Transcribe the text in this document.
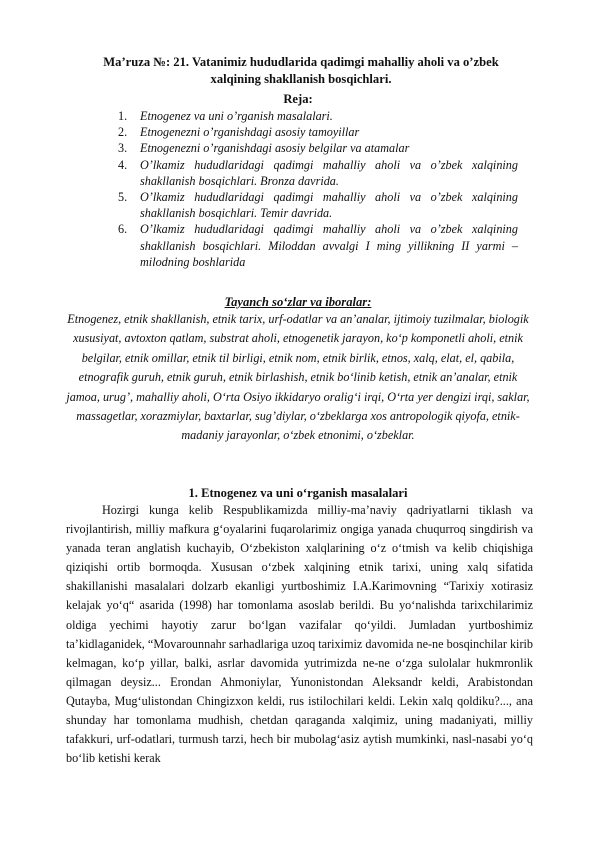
Ma’ruza №: 21. Vatanimiz hududlarida qadimgi mahalliy aholi va o’zbek xalqining shakllanish bosqichlari.
Reja:
1. Etnogenez va uni o’rganish masalalari.
2. Etnogenezni o’rganishdagi asosiy tamoyillar
3. Etnogenezni o’rganishdagi asosiy belgilar va atamalar
4. O’lkamiz hududlaridagi qadimgi mahalliy aholi va o’zbek xalqining shakllanish bosqichlari. Bronza davrida.
5. O’lkamiz hududlaridagi qadimgi mahalliy aholi va o’zbek xalqining shakllanish bosqichlari. Temir davrida.
6. O’lkamiz hududlaridagi qadimgi mahalliy aholi va o’zbek xalqining shakllanish bosqichlari. Miloddan avvalgi I ming yillikning II yarmi – milodning boshlarida
Tayanch so‘zlar va iboralar:
Etnogenez, etnik shakllanish, etnik tarix, urf-odatlar va an’analar, ijtimoiy tuzilmalar, biologik xususiyat, avtoxton qatlam, substrat aholi, etnogenetik jarayon, ko‘p komponetli aholi, etnik belgilar, etnik omillar, etnik til birligi, etnik nom, etnik birlik, etnos, xalq, elat, el, qabila, etnografik guruh, etnik guruh, etnik birlashish, etnik bo‘linib ketish, etnik an’analar, etnik jamoa, urug’, mahalliy aholi, O‘rta Osiyo ikkidaryo oralig‘i irqi, O‘rta yer dengizi irqi, saklar, massagetlar, xorazmiylar, baxtarlar, sug’diylar, o‘zbeklarga xos antropologik qiyofa, etnik-madaniy jarayonlar, o‘zbek etnonimi, o‘zbeklar.
1. Etnogenez va uni o‘rganish masalalari

Hozirgi kunga kelib Respublikamizda milliy-ma’naviy qadriyatlarni tiklash va rivojlantirish, milliy mafkura g‘oyalarini fuqarolarimiz ongiga yanada chuqurroq singdirish va yanada teran anglatish kuchayib, O‘zbekiston xalqlarining o‘z o‘tmish va kelib chiqishiga qiziqishi ortib bormoqda. Xususan o‘zbek xalqining etnik tarixi, uning xalq sifatida shakillanishi masalalari dolzarb ekanligi yurtboshimiz I.A.Karimovning “Tarixiy xotirasiz kelajak yo‘q“ asarida (1998) har tomonlama asoslab berildi. Bu yo‘nalishda tarixchilarimiz oldiga yechimi hayotiy zarur bo‘lgan vazifalar qo‘yildi. Jumladan yurtboshimiz ta’kidlaganidek, “Movarounnahr sarhadlariga uzoq tariximiz davomida ne-ne bosqinchilar kirib kelmagan, ko‘p yillar, balki, asrlar davomida yutrimizda ne-ne o‘zga sulolalar hukmronlik qilmagan deysiz... Erondan Ahmoniylar, Yunonistondan Aleksandr keldi, Arabistondan Qutayba, Mug‘ulistondan Chingizxon keldi, rus istilochilari keldi. Lekin xalq qoldiku?..., ana shunday har tomonlama mudhish, chetdan qaraganda xalqimiz, uning madaniyati, milliy tafakkuri, urf-odatlari, turmush tarzi, hech bir mubolag‘asiz aytish mumkinki, nasl-nasabi yo‘q bo‘lib ketishi kerak
